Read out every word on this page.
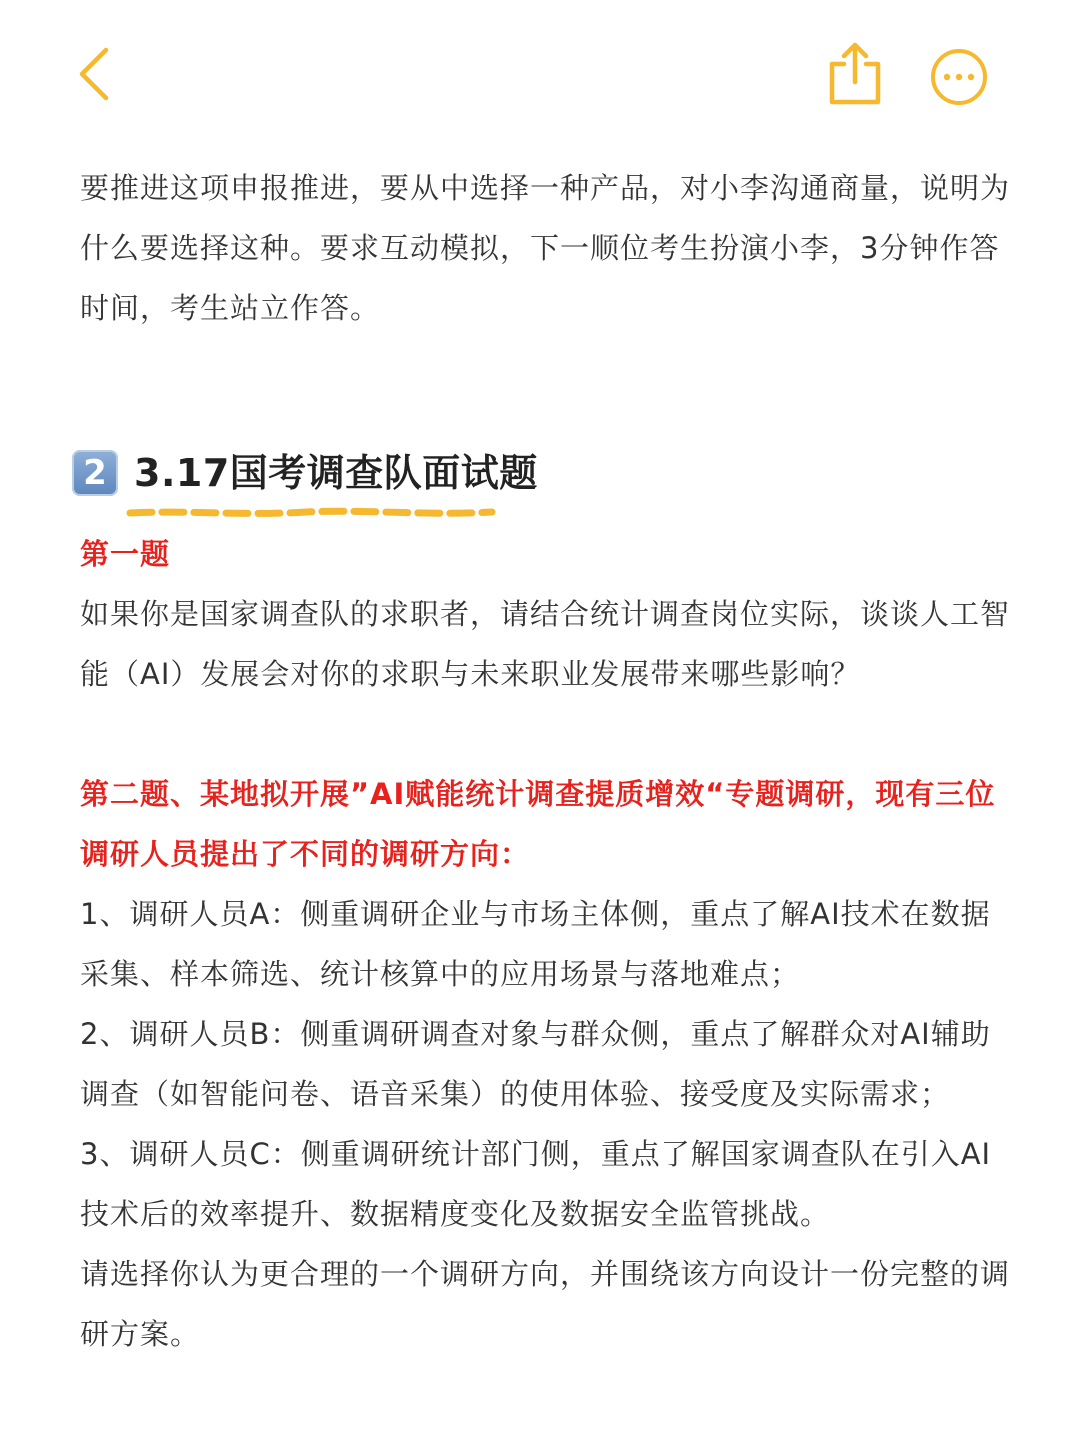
要推进这项申报推进，要从中选择一种产品，对小李沟通商量，说明为什么要选择这种。要求互动模拟，下一顺位考生扮演小李，3分钟作答时间，考生站立作答。

2 3.17国考调查队面试题

第一题

如果你是国家调查队的求职者，请结合统计调查岗位实际，谈谈人工智能（AI）发展会对你的求职与未来职业发展带来哪些影响？

第二题、某地拟开展”AI赋能统计调查提质增效“专题调研，现有三位调研人员提出了不同的调研方向：

1、调研人员A：侧重调研企业与市场主体侧，重点了解AI技术在数据采集、样本筛选、统计核算中的应用场景与落地难点；

2、调研人员B：侧重调研调查对象与群众侧，重点了解群众对AI辅助调查（如智能问卷、语音采集）的使用体验、接受度及实际需求；

3、调研人员C：侧重调研统计部门侧，重点了解国家调查队在引入AI技术后的效率提升、数据精度变化及数据安全监管挑战。

请选择你认为更合理的一个调研方向，并围绕该方向设计一份完整的调研方案。
